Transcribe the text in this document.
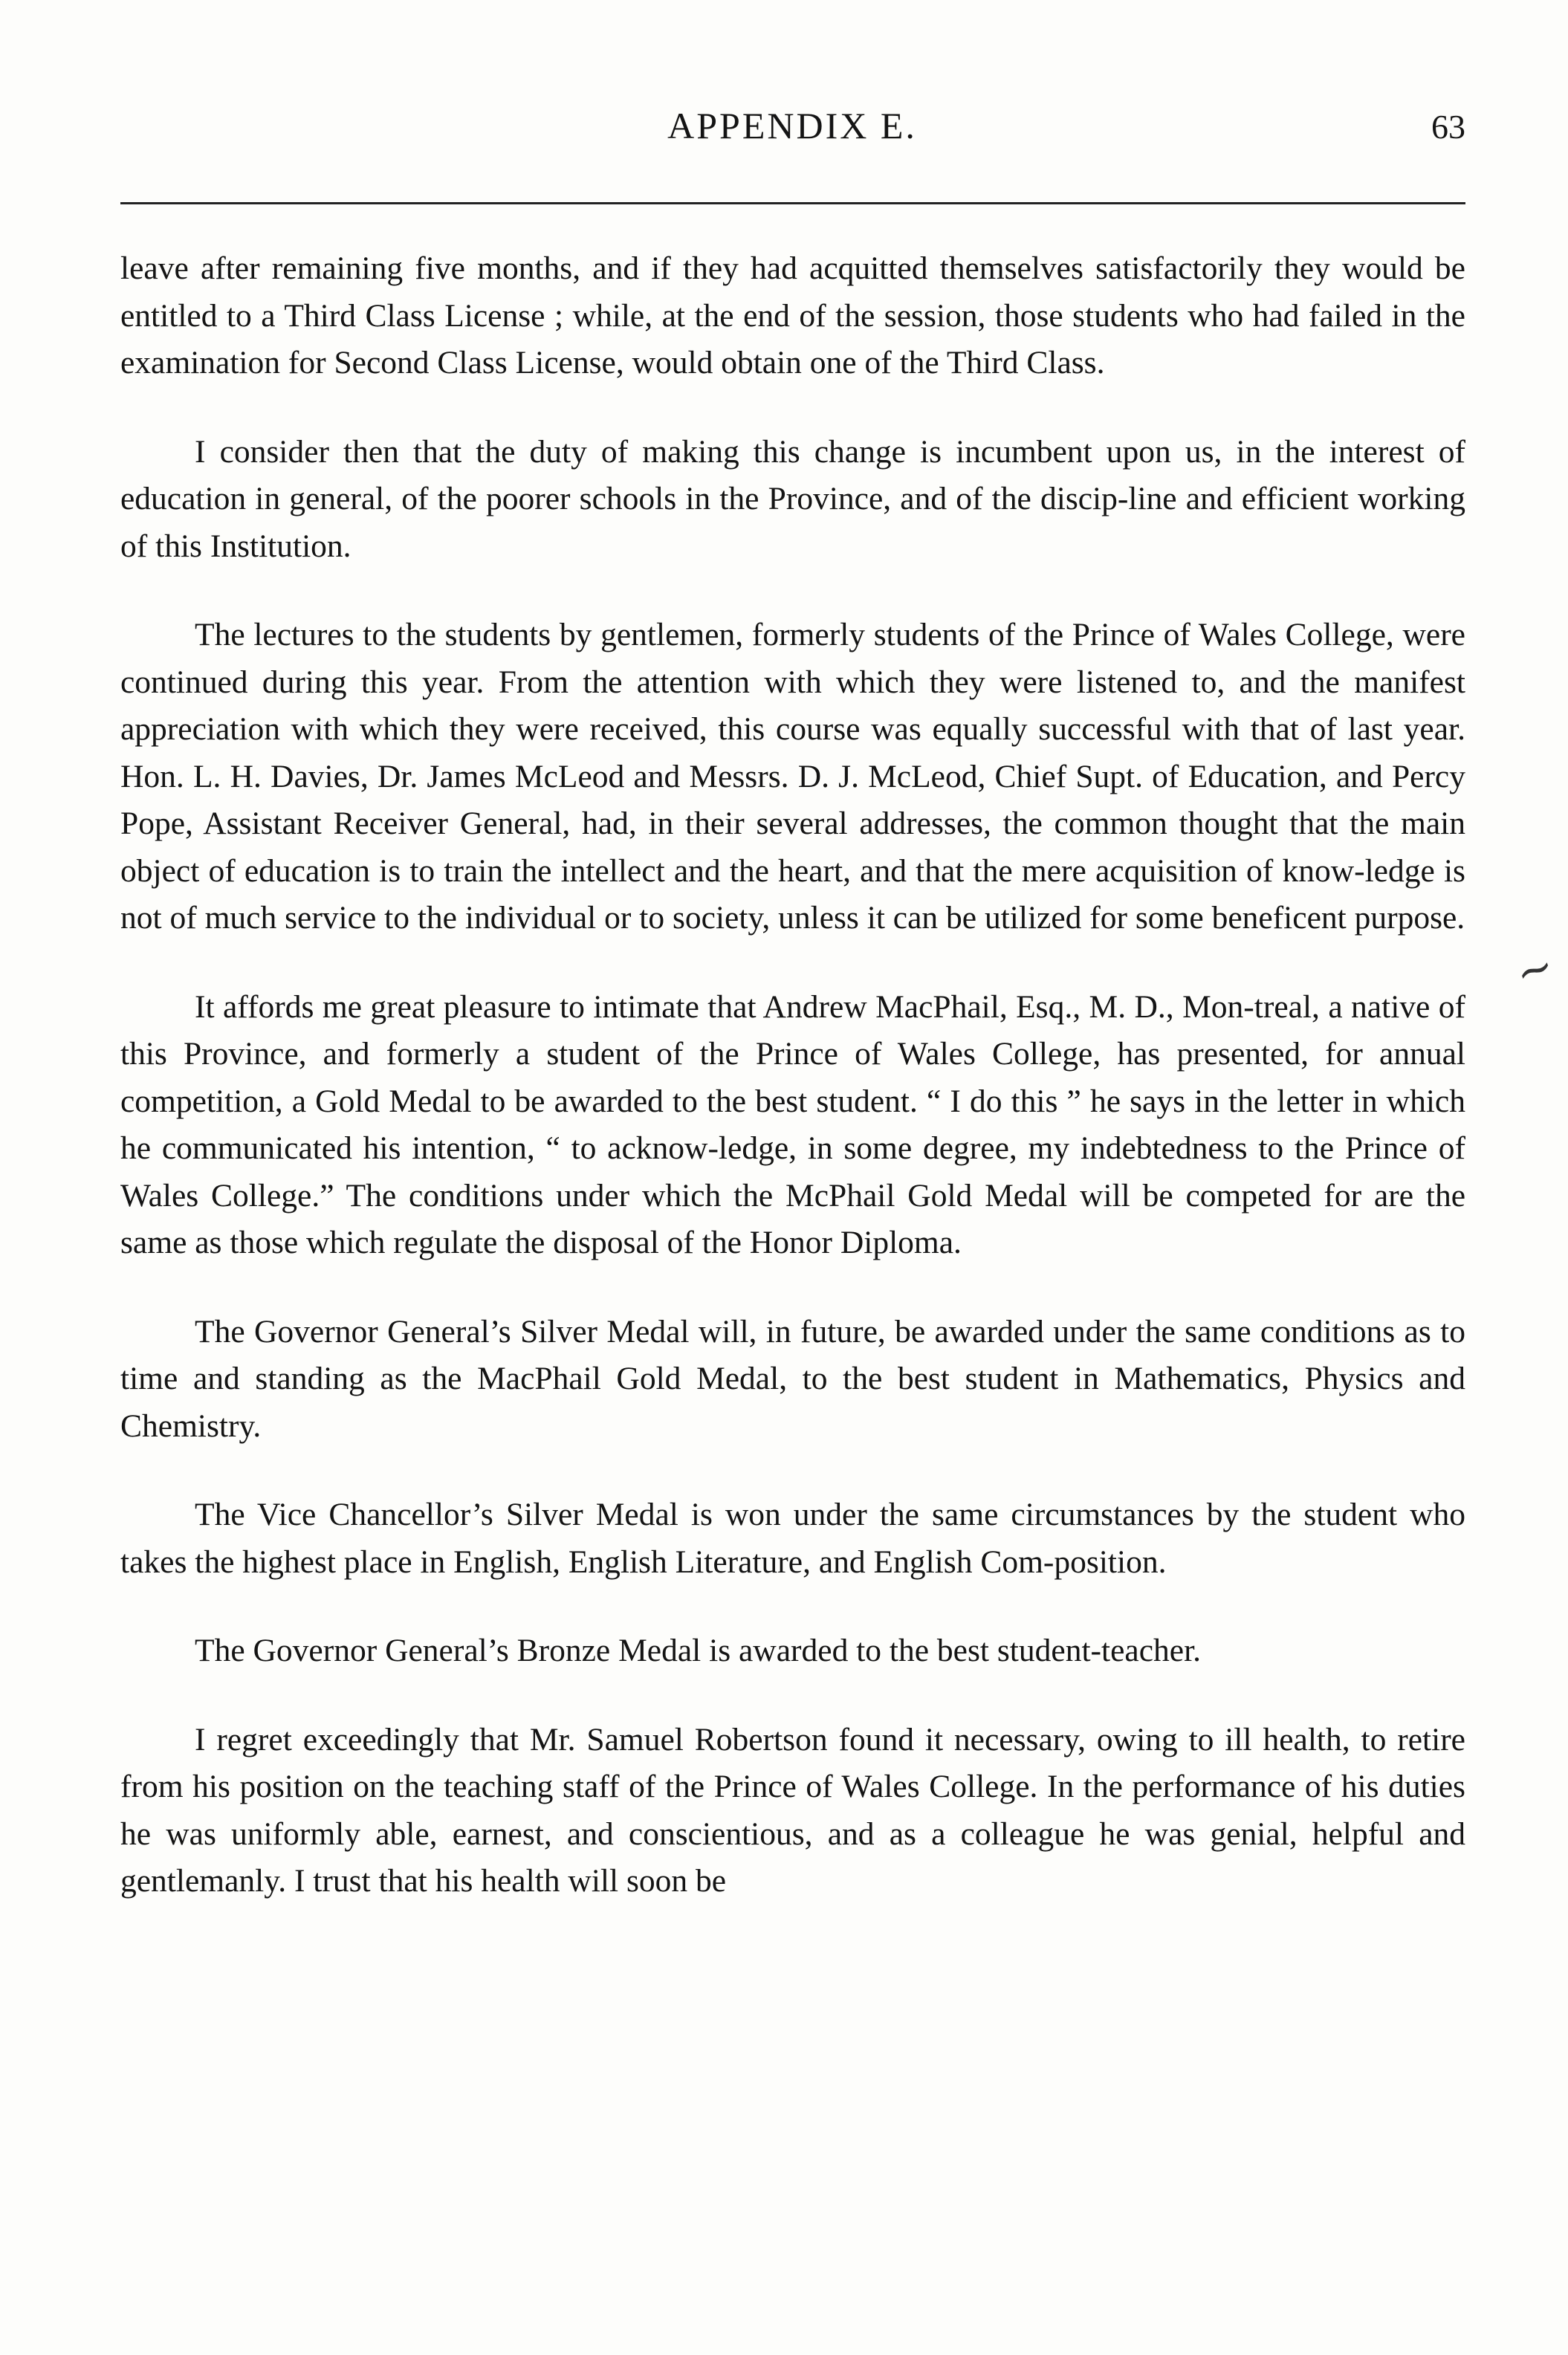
APPENDIX E.	63

leave after remaining five months, and if they had acquitted themselves satisfactorily they would be entitled to a Third Class License ; while, at the end of the session, those students who had failed in the examination for Second Class License, would obtain one of the Third Class.

I consider then that the duty of making this change is incumbent upon us, in the interest of education in general, of the poorer schools in the Province, and of the discip-line and efficient working of this Institution.

The lectures to the students by gentlemen, formerly students of the Prince of Wales College, were continued during this year. From the attention with which they were listened to, and the manifest appreciation with which they were received, this course was equally successful with that of last year. Hon. L. H. Davies, Dr. James McLeod and Messrs. D. J. McLeod, Chief Supt. of Education, and Percy Pope, Assistant Receiver General, had, in their several addresses, the common thought that the main object of education is to train the intellect and the heart, and that the mere acquisition of know-ledge is not of much service to the individual or to society, unless it can be utilized for some beneficent purpose.

It affords me great pleasure to intimate that Andrew MacPhail, Esq., M. D., Mon-treal, a native of this Province, and formerly a student of the Prince of Wales College, has presented, for annual competition, a Gold Medal to be awarded to the best student. “ I do this ” he says in the letter in which he communicated his intention, “ to acknow-ledge, in some degree, my indebtedness to the Prince of Wales College.” The conditions under which the McPhail Gold Medal will be competed for are the same as those which regulate the disposal of the Honor Diploma.

The Governor General’s Silver Medal will, in future, be awarded under the same conditions as to time and standing as the MacPhail Gold Medal, to the best student in Mathematics, Physics and Chemistry.

The Vice Chancellor’s Silver Medal is won under the same circumstances by the student who takes the highest place in English, English Literature, and English Com-position.

The Governor General’s Bronze Medal is awarded to the best student-teacher.

I regret exceedingly that Mr. Samuel Robertson found it necessary, owing to ill health, to retire from his position on the teaching staff of the Prince of Wales College. In the performance of his duties he was uniformly able, earnest, and conscientious, and as a colleague he was genial, helpful and gentlemanly. I trust that his health will soon be

∼
